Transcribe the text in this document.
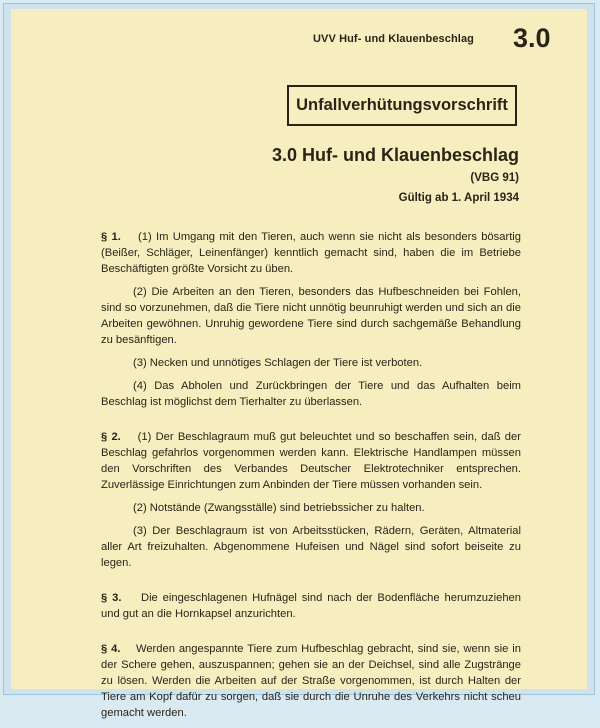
UVV Huf- und Klauenbeschlag 3.0
Unfallverhütungsvorschrift
3.0 Huf- und Klauenbeschlag
(VBG 91)
Gültig ab 1. April 1934

§ 1. (1) Im Umgang mit den Tieren, auch wenn sie nicht als besonders bösartig (Beißer, Schläger, Leinenfänger) kenntlich gemacht sind, haben die im Betriebe Beschäftigten größte Vorsicht zu üben.

(2) Die Arbeiten an den Tieren, besonders das Hufbeschneiden bei Fohlen, sind so vorzunehmen, daß die Tiere nicht unnötig beunruhigt werden und sich an die Arbeiten gewöhnen. Unruhig gewordene Tiere sind durch sachgemäße Behandlung zu besänftigen.

(3) Necken und unnötiges Schlagen der Tiere ist verboten.

(4) Das Abholen und Zurückbringen der Tiere und das Aufhalten beim Beschlag ist möglichst dem Tierhalter zu überlassen.

§ 2. (1) Der Beschlagraum muß gut beleuchtet und so beschaffen sein, daß der Beschlag gefahrlos vorgenommen werden kann. Elektrische Handlampen müssen den Vorschriften des Verbandes Deutscher Elektrotechniker entsprechen. Zuverlässige Einrichtungen zum Anbinden der Tiere müssen vorhanden sein.

(2) Notstände (Zwangsställe) sind betriebssicher zu halten.

(3) Der Beschlagraum ist von Arbeitsstücken, Rädern, Geräten, Altmaterial aller Art freizuhalten. Abgenommene Hufeisen und Nägel sind sofort beiseite zu legen.

§ 3. Die eingeschlagenen Hufnägel sind nach der Bodenfläche herumzuziehen und gut an die Hornkapsel anzurichten.

§ 4. Werden angespannte Tiere zum Hufbeschlag gebracht, sind sie, wenn sie in der Schere gehen, auszuspannen; gehen sie an der Deichsel, sind alle Zugstränge zu lösen. Werden die Arbeiten auf der Straße vorgenommen, ist durch Halten der Tiere am Kopf dafür zu sorgen, daß sie durch die Unruhe des Verkehrs nicht scheu gemacht werden.
